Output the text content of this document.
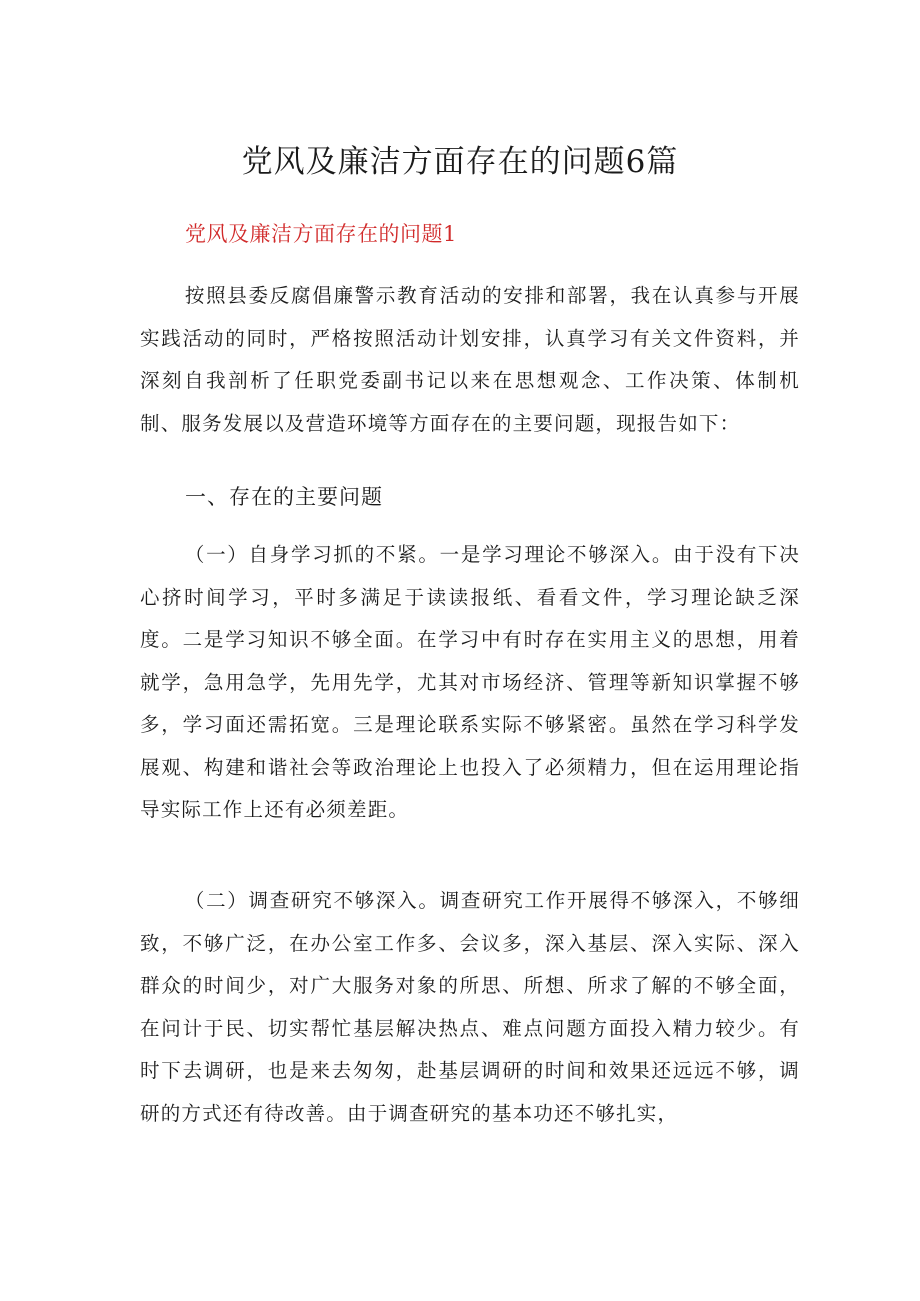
党风及廉洁方面存在的问题6篇
党风及廉洁方面存在的问题1

按照县委反腐倡廉警示教育活动的安排和部署，我在认真参与开展实践活动的同时，严格按照活动计划安排，认真学习有关文件资料，并深刻自我剖析了任职党委副书记以来在思想观念、工作决策、体制机制、服务发展以及营造环境等方面存在的主要问题，现报告如下：

一、存在的主要问题

（一）自身学习抓的不紧。一是学习理论不够深入。由于没有下决心挤时间学习，平时多满足于读读报纸、看看文件，学习理论缺乏深度。二是学习知识不够全面。在学习中有时存在实用主义的思想，用着就学，急用急学，先用先学，尤其对市场经济、管理等新知识掌握不够多，学习面还需拓宽。三是理论联系实际不够紧密。虽然在学习科学发展观、构建和谐社会等政治理论上也投入了必须精力，但在运用理论指导实际工作上还有必须差距。

（二）调查研究不够深入。调查研究工作开展得不够深入，不够细致，不够广泛，在办公室工作多、会议多，深入基层、深入实际、深入群众的时间少，对广大服务对象的所思、所想、所求了解的不够全面，在问计于民、切实帮忙基层解决热点、难点问题方面投入精力较少。有时下去调研，也是来去匆匆，赴基层调研的时间和效果还远远不够，调研的方式还有待改善。由于调查研究的基本功还不够扎实，
